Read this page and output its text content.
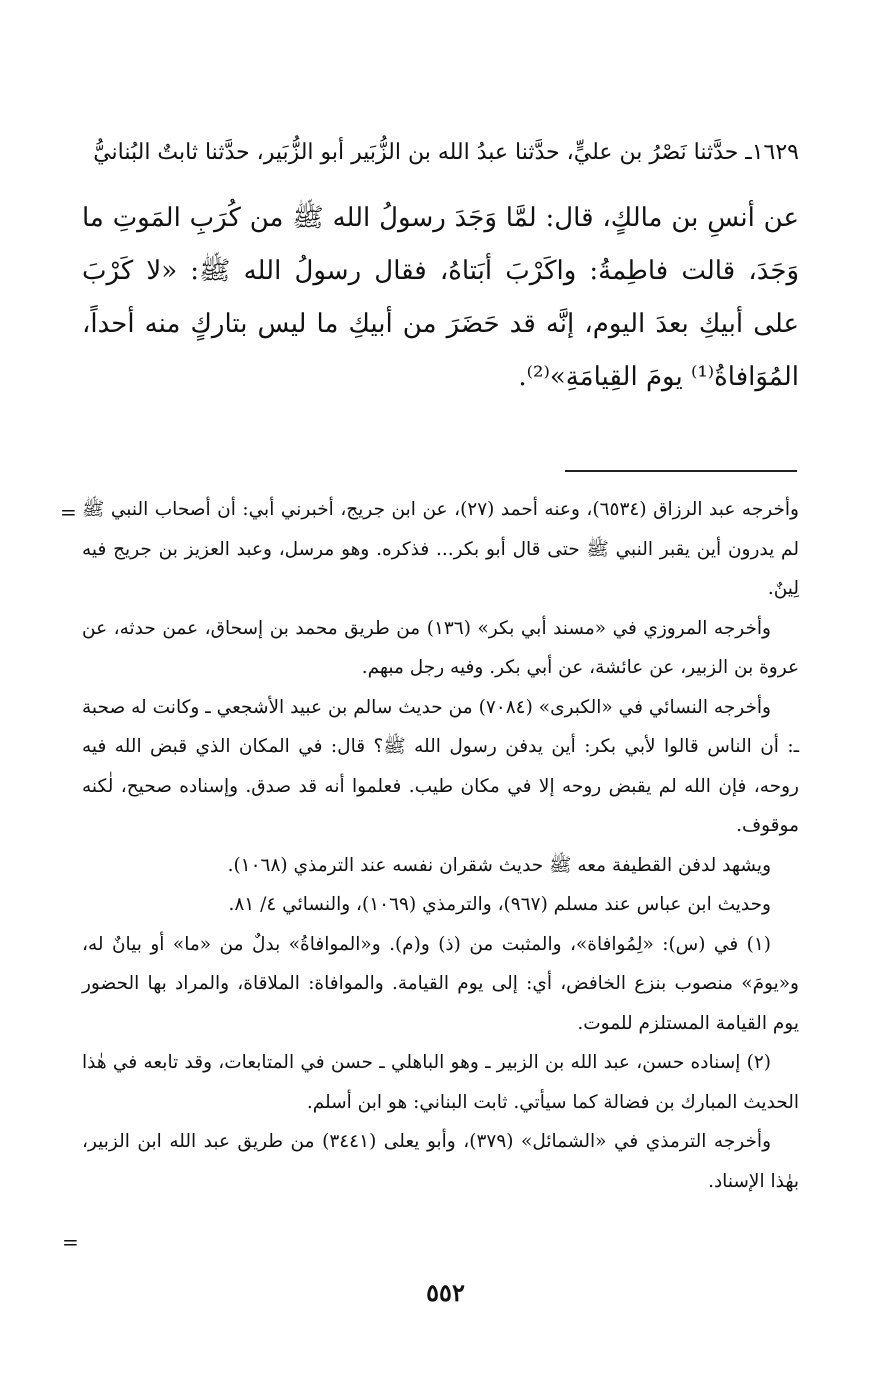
١٦٢٩ـ حدَّثنا نَصْرُ بن عليٍّ، حدَّثنا عبدُ الله بن الزُّبَير أبو الزُّبَير، حدَّثنا ثابتٌ البُنانيُّ

عن أنسِ بن مالكٍ، قال: لمَّا وَجَدَ رسولُ الله ﷺ من كُرَبِ المَوتِ ما وَجَدَ، قالت فاطِمةُ: واكَرْبَ أبَتاهُ، فقال رسولُ الله ﷺ: «لا كَرْبَ على أبيكِ بعدَ اليوم، إنَّه قد حَضَرَ من أبيكِ ما ليس بتاركٍ منه أحداً، المُوَافاةُ⁽¹⁾ يومَ القِيامَةِ»⁽²⁾.

= وأخرجه عبد الرزاق (٦٥٣٤)، وعنه أحمد (٢٧)، عن ابن جريج، أخبرني أبي: أن أصحاب النبي ﷺ لم يدرون أين يقبر النبي ﷺ حتى قال أبو بكر... فذكره. وهو مرسل، وعبد العزيز بن جريج فيه لِينٌ.

وأخرجه المروزي في «مسند أبي بكر» (١٣٦) من طريق محمد بن إسحاق، عمن حدثه، عن عروة بن الزبير، عن عائشة، عن أبي بكر. وفيه رجل مبهم.

وأخرجه النسائي في «الكبرى» (٧٠٨٤) من حديث سالم بن عبيد الأشجعي ـ وكانت له صحبة ـ: أن الناس قالوا لأبي بكر: أين يدفن رسول الله ﷺ؟ قال: في المكان الذي قبض الله فيه روحه، فإن الله لم يقبض روحه إلا في مكان طيب. فعلموا أنه قد صدق. وإسناده صحيح، لٰكنه موقوف.

ويشهد لدفن القطيفة معه ﷺ حديث شقران نفسه عند الترمذي (١٠٦٨).

وحديث ابن عباس عند مسلم (٩٦٧)، والترمذي (١٠٦٩)، والنسائي ٤/ ٨١.

(١) في (س): «لِمُوافاة»، والمثبت من (ذ) و(م). و«الموافاةُ» بدلٌ من «ما» أو بيانٌ له، و«يومَ» منصوب بنزع الخافض، أي: إلى يوم القيامة. والموافاة: الملاقاة، والمراد بها الحضور يوم القيامة المستلزم للموت.

(٢) إسناده حسن، عبد الله بن الزبير ـ وهو الباهلي ـ حسن في المتابعات، وقد تابعه في هٰذا الحديث المبارك بن فضالة كما سيأتي. ثابت البناني: هو ابن أسلم.

وأخرجه الترمذي في «الشمائل» (٣٧٩)، وأبو يعلى (٣٤٤١) من طريق عبد الله ابن الزبير، بهٰذا الإسناد.

=
٥٥٢
